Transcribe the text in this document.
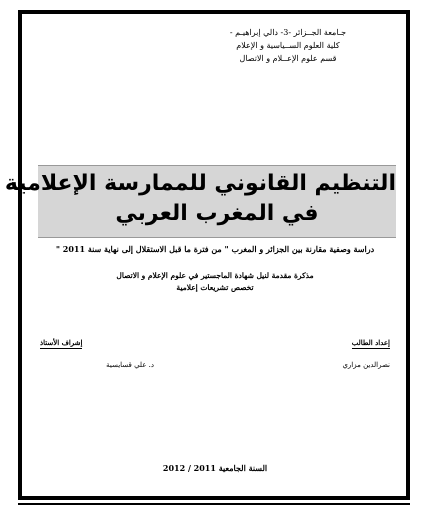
جـامعة الجــزائر -3- دالي إبراهيـم -
كلية العلوم الســياسية و الإعلام
قسم علوم الإعــلام و الاتصال
التنظيم القانوني للممارسة الإعلامية
في المغرب العربي
دراسة وصفية مقارنة بين الجزائر و المغرب " من فترة ما قبل الاستقلال إلى نهاية سنة 2011 "
مذكرة مقدمة لنيل شهادة الماجستير في علوم الإعلام و الاتصال
تخصص تشريعات إعلامية
إعداد الطالب
نصرالدين مزاري
إشراف الأستاذ
د. علي قسايسية
السنة الجامعية 2011 / 2012
